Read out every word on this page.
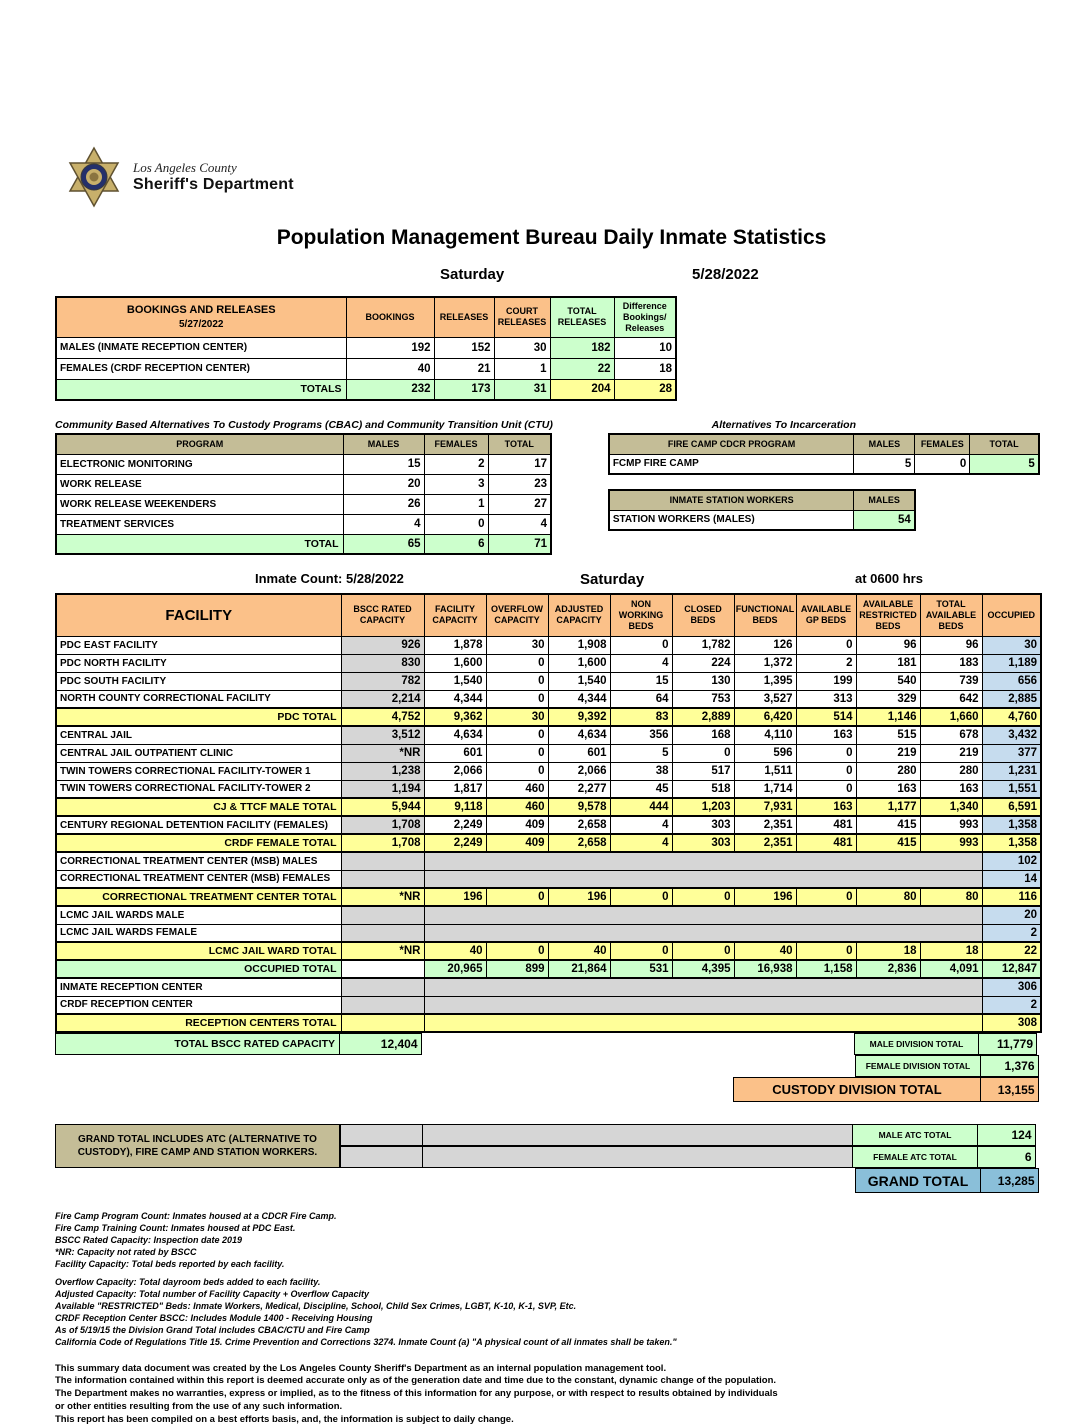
Los Angeles County
Sheriff's Department
Population Management Bureau Daily Inmate Statistics
Saturday	5/28/2022
BOOKINGS AND RELEASES
5/27/2022	BOOKINGS	RELEASES	COURT RELEASES	TOTAL RELEASES	Difference Bookings/ Releases
MALES (INMATE RECEPTION CENTER)	192	152	30	182	10
FEMALES (CRDF RECEPTION CENTER)	40	21	1	22	18
TOTALS	232	173	31	204	28
Community Based Alternatives To Custody Programs (CBAC) and Community Transition Unit (CTU)
PROGRAM	MALES	FEMALES	TOTAL
ELECTRONIC MONITORING	15	2	17
WORK RELEASE	20	3	23
WORK RELEASE WEEKENDERS	26	1	27
TREATMENT SERVICES	4	0	4
TOTAL	65	6	71
Alternatives To Incarceration
FIRE CAMP CDCR PROGRAM	MALES	FEMALES	TOTAL
FCMP FIRE CAMP	5	0	5
INMATE STATION WORKERS	MALES
STATION WORKERS (MALES)	54
Inmate Count: 5/28/2022	Saturday	at 0600 hrs
FACILITY	BSCC RATED CAPACITY	FACILITY CAPACITY	OVERFLOW CAPACITY	ADJUSTED CAPACITY	NON WORKING BEDS	CLOSED BEDS	FUNCTIONAL BEDS	AVAILABLE GP BEDS	AVAILABLE RESTRICTED BEDS	TOTAL AVAILABLE BEDS	OCCUPIED
PDC EAST FACILITY	926	1,878	30	1,908	0	1,782	126	0	96	96	30
PDC NORTH FACILITY	830	1,600	0	1,600	4	224	1,372	2	181	183	1,189
PDC SOUTH FACILITY	782	1,540	0	1,540	15	130	1,395	199	540	739	656
NORTH COUNTY CORRECTIONAL FACILITY	2,214	4,344	0	4,344	64	753	3,527	313	329	642	2,885
PDC TOTAL	4,752	9,362	30	9,392	83	2,889	6,420	514	1,146	1,660	4,760
CENTRAL JAIL	3,512	4,634	0	4,634	356	168	4,110	163	515	678	3,432
CENTRAL JAIL OUTPATIENT CLINIC	*NR	601	0	601	5	0	596	0	219	219	377
TWIN TOWERS CORRECTIONAL FACILITY-TOWER 1	1,238	2,066	0	2,066	38	517	1,511	0	280	280	1,231
TWIN TOWERS CORRECTIONAL FACILITY-TOWER 2	1,194	1,817	460	2,277	45	518	1,714	0	163	163	1,551
CJ & TTCF MALE TOTAL	5,944	9,118	460	9,578	444	1,203	7,931	163	1,177	1,340	6,591
CENTURY REGIONAL DETENTION FACILITY (FEMALES)	1,708	2,249	409	2,658	4	303	2,351	481	415	993	1,358
CRDF FEMALE TOTAL	1,708	2,249	409	2,658	4	303	2,351	481	415	993	1,358
CORRECTIONAL TREATMENT CENTER (MSB) MALES											102
CORRECTIONAL TREATMENT CENTER (MSB) FEMALES											14
CORRECTIONAL TREATMENT CENTER TOTAL	*NR	196	0	196	0	0	196	0	80	80	116
LCMC JAIL WARDS MALE											20
LCMC JAIL WARDS FEMALE											2
LCMC JAIL WARD TOTAL	*NR	40	0	40	0	0	40	0	18	18	22
OCCUPIED TOTAL		20,965	899	21,864	531	4,395	16,938	1,158	2,836	4,091	12,847
INMATE RECEPTION CENTER											306
CRDF RECEPTION CENTER											2
RECEPTION CENTERS TOTAL											308
TOTAL BSCC RATED CAPACITY	12,404	MALE DIVISION TOTAL	11,779
FEMALE DIVISION TOTAL	1,376
CUSTODY DIVISION TOTAL	13,155
GRAND TOTAL INCLUDES ATC (ALTERNATIVE TO CUSTODY), FIRE CAMP AND STATION WORKERS.
MALE ATC TOTAL	124
FEMALE ATC TOTAL	6
GRAND TOTAL	13,285
Fire Camp Program Count: Inmates housed at a CDCR Fire Camp.
Fire Camp Training Count: Inmates housed at PDC East.
BSCC Rated Capacity: Inspection date 2019
*NR: Capacity not rated by BSCC
Facility Capacity: Total beds reported by each facility.
Overflow Capacity: Total dayroom beds added to each facility.
Adjusted Capacity: Total number of Facility Capacity + Overflow Capacity
Available "RESTRICTED" Beds: Inmate Workers, Medical, Discipline, School, Child Sex Crimes, LGBT, K-10, K-1, SVP, Etc.
CRDF Reception Center BSCC: Includes Module 1400 - Receiving Housing
As of 5/19/15 the Division Grand Total includes CBAC/CTU and Fire Camp
California Code of Regulations Title 15. Crime Prevention and Corrections 3274. Inmate Count (a) "A physical count of all inmates shall be taken."
This summary data document was created by the Los Angeles County Sheriff's Department as an internal population management tool.
The information contained within this report is deemed accurate only as of the generation date and time due to the constant, dynamic change of the population.
The Department makes no warranties, express or implied, as to the fitness of this information for any purpose, or with respect to results obtained by individuals
or other entities resulting from the use of any such information.
This report has been compiled on a best efforts basis, and, the information is subject to daily change.
